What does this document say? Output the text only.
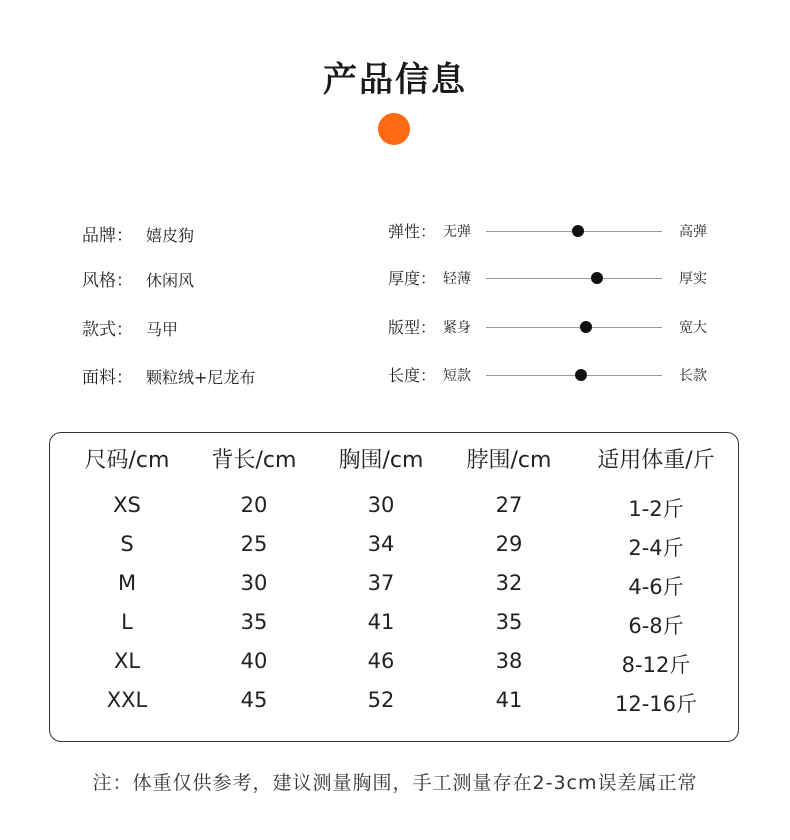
产品信息
品牌： 嬉皮狗
风格： 休闲风
款式： 马甲
面料： 颗粒绒+尼龙布
弹性： 无弹	高弹
厚度： 轻薄	厚实
版型： 紧身	宽大
长度： 短款	长款
尺码/cm	背长/cm	胸围/cm	脖围/cm	适用体重/斤
XS	20	30	27	1-2斤
S	25	34	29	2-4斤
M	30	37	32	4-6斤
L	35	41	35	6-8斤
XL	40	46	38	8-12斤
XXL	45	52	41	12-16斤
注：体重仅供参考，建议测量胸围，手工测量存在2-3cm误差属正常
